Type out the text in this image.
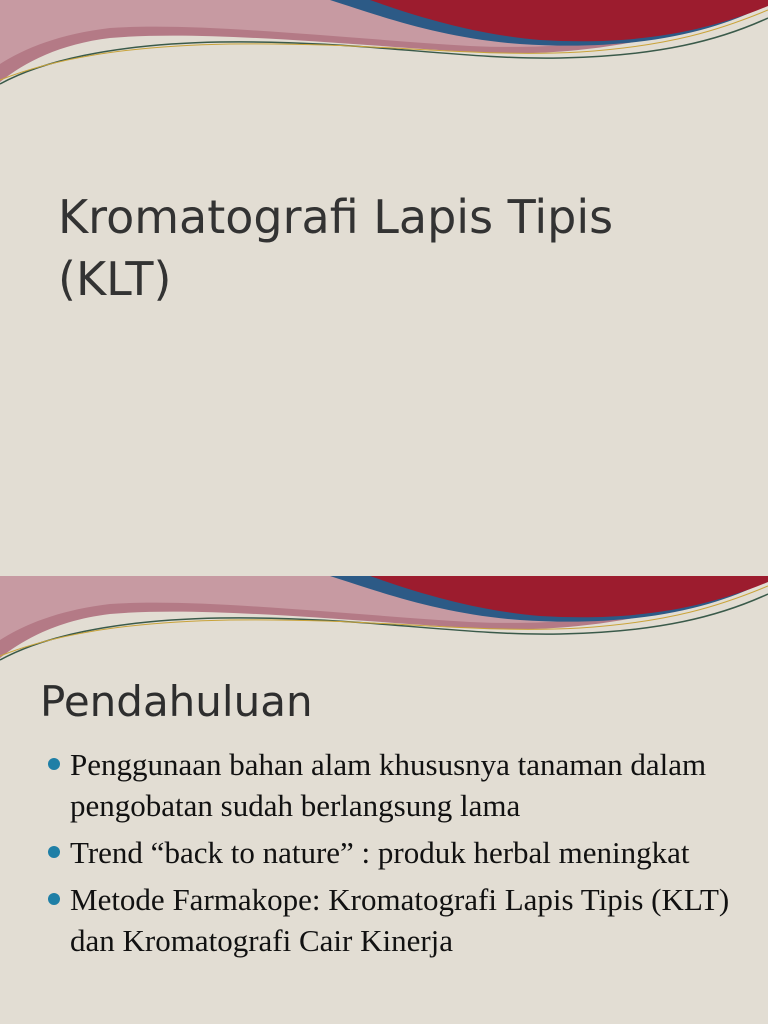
Kromatografi Lapis Tipis (KLT)
Pendahuluan
Penggunaan bahan alam khususnya tanaman dalam pengobatan sudah berlangsung lama
Trend “back to nature” : produk herbal meningkat
Metode Farmakope: Kromatografi Lapis Tipis (KLT) dan Kromatografi Cair Kinerja
